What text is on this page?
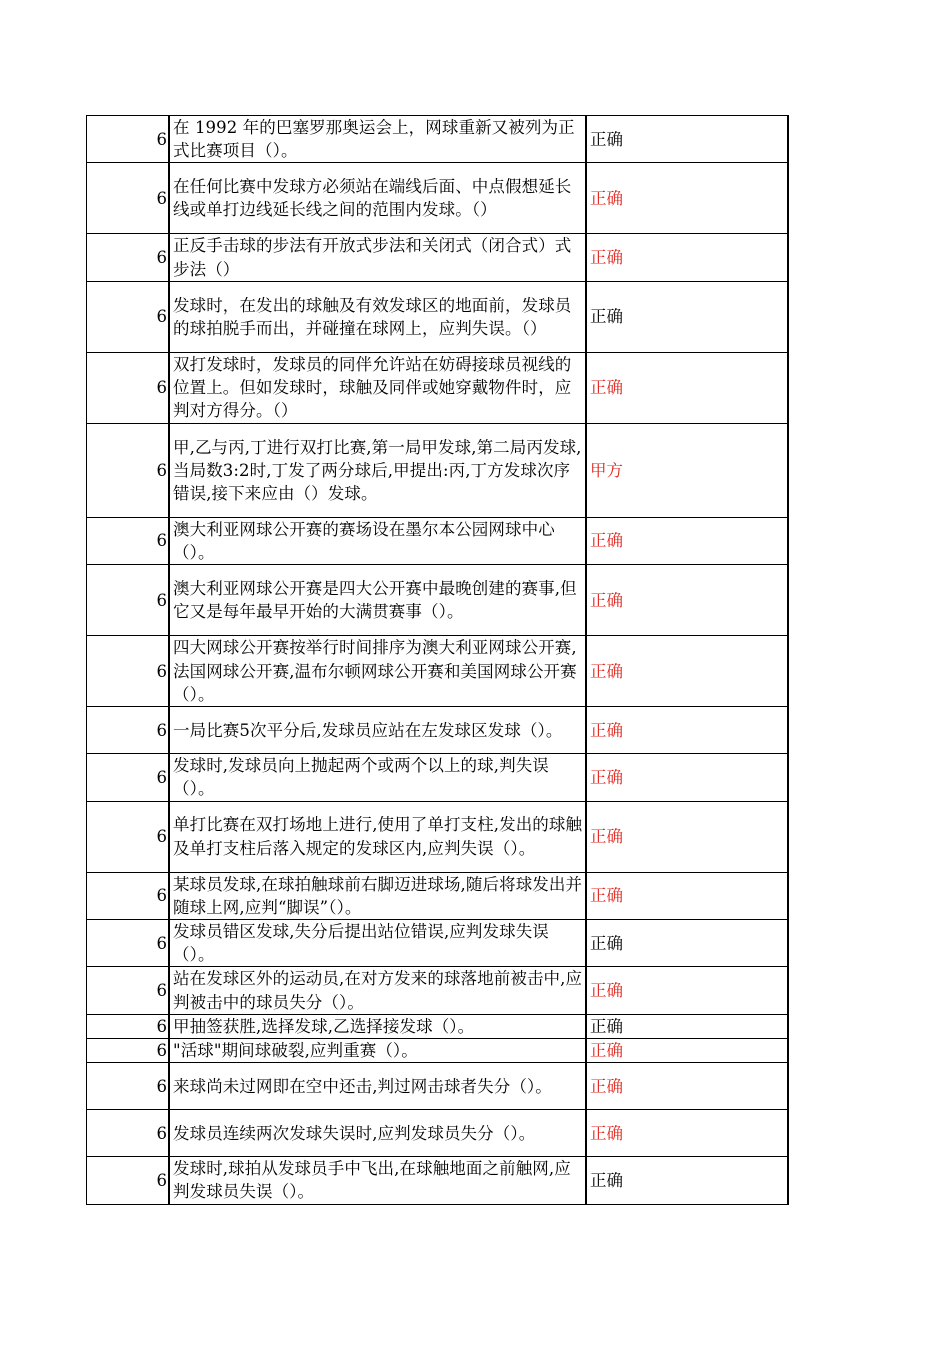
6	在 1992 年的巴塞罗那奥运会上，网球重新又被列为正式比赛项目（）。	正确
6	在任何比赛中发球方必须站在端线后面、中点假想延长线或单打边线延长线之间的范围内发球。（）	正确
6	正反手击球的步法有开放式步法和关闭式（闭合式）式步法（）	正确
6	发球时，在发出的球触及有效发球区的地面前，发球员的球拍脱手而出，并碰撞在球网上，应判失误。（）	正确
6	双打发球时，发球员的同伴允许站在妨碍接球员视线的位置上。但如发球时，球触及同伴或她穿戴物件时，应判对方得分。（）	正确
6	甲,乙与丙,丁进行双打比赛,第一局甲发球,第二局丙发球,当局数3:2时,丁发了两分球后,甲提出:丙,丁方发球次序错误,接下来应由（）发球。	甲方
6	澳大利亚网球公开赛的赛场设在墨尔本公园网球中心（）。	正确
6	澳大利亚网球公开赛是四大公开赛中最晚创建的赛事,但它又是每年最早开始的大满贯赛事（）。	正确
6	四大网球公开赛按举行时间排序为澳大利亚网球公开赛,法国网球公开赛,温布尔顿网球公开赛和美国网球公开赛（）。	正确
6	一局比赛5次平分后,发球员应站在左发球区发球（）。	正确
6	发球时,发球员向上抛起两个或两个以上的球,判失误（）。	正确
6	单打比赛在双打场地上进行,使用了单打支柱,发出的球触及单打支柱后落入规定的发球区内,应判失误（）。	正确
6	某球员发球,在球拍触球前右脚迈进球场,随后将球发出并随球上网,应判“脚误”（）。	正确
6	发球员错区发球,失分后提出站位错误,应判发球失误（）。	正确
6	站在发球区外的运动员,在对方发来的球落地前被击中,应判被击中的球员失分（）。	正确
6	甲抽签获胜,选择发球,乙选择接发球（）。	正确
6	"活球"期间球破裂,应判重赛（）。	正确
6	来球尚未过网即在空中还击,判过网击球者失分（）。	正确
6	发球员连续两次发球失误时,应判发球员失分（）。	正确
6	发球时,球拍从发球员手中飞出,在球触地面之前触网,应判发球员失误（）。	正确
